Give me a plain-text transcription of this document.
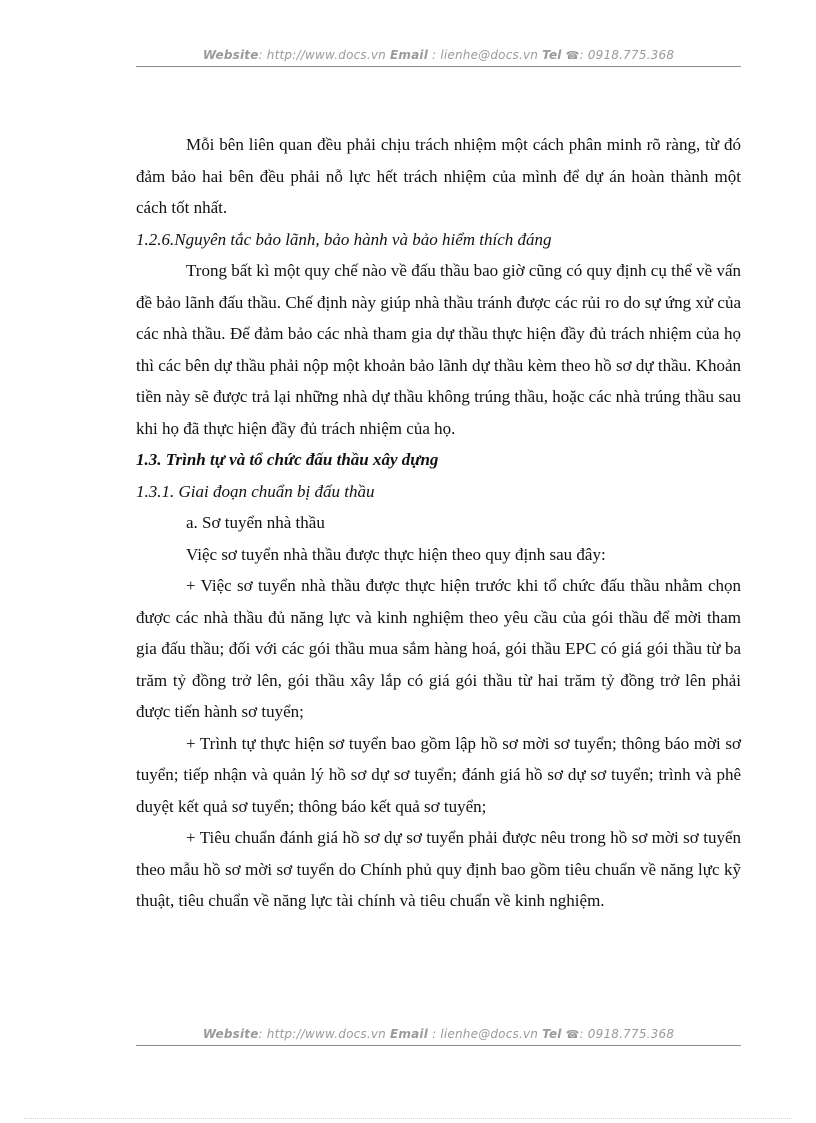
Website: http://www.docs.vn Email : lienhe@docs.vn Tel ☎: 0918.775.368

Mỗi bên liên quan đều phải chịu trách nhiệm một cách phân minh rõ ràng, từ đó đảm bảo hai bên đều phải nỗ lực hết trách nhiệm của mình để dự án hoàn thành một cách tốt nhất.

1.2.6.Nguyên tắc bảo lãnh, bảo hành và bảo hiểm thích đáng

Trong bất kì một quy chế nào về đấu thầu bao giờ cũng có quy định cụ thể về vấn đề bảo lãnh đấu thầu. Chế định này giúp nhà thầu tránh được các rủi ro do sự ứng xử của các nhà thầu. Để đảm bảo các nhà tham gia dự thầu thực hiện đầy đủ trách nhiệm của họ thì các bên dự thầu phải nộp một khoản bảo lãnh dự thầu kèm theo hồ sơ dự thầu. Khoản tiền này sẽ được trả lại những nhà dự thầu không trúng thầu, hoặc các nhà trúng thầu sau khi họ đã thực hiện đầy đủ trách nhiệm của họ.

1.3. Trình tự và tổ chức đấu thầu xây dựng

1.3.1. Giai đoạn chuẩn bị đấu thầu

a. Sơ tuyển nhà thầu

Việc sơ tuyển nhà thầu được thực hiện theo quy định sau đây:

+ Việc sơ tuyển nhà thầu được thực hiện trước khi tổ chức đấu thầu nhằm chọn được các nhà thầu đủ năng lực và kinh nghiệm theo yêu cầu của gói thầu để mời tham gia đấu thầu; đối với các gói thầu mua sắm hàng hoá, gói thầu EPC có giá gói thầu từ ba trăm tỷ đồng trở lên, gói thầu xây lắp có giá gói thầu từ hai trăm tỷ đồng trở lên phải được tiến hành sơ tuyển;

+ Trình tự thực hiện sơ tuyển bao gồm lập hồ sơ mời sơ tuyển; thông báo mời sơ tuyển; tiếp nhận và quản lý hồ sơ dự sơ tuyển; đánh giá hồ sơ dự sơ tuyển; trình và phê duyệt kết quả sơ tuyển; thông báo kết quả sơ tuyển;

+ Tiêu chuẩn đánh giá hồ sơ dự sơ tuyển phải được nêu trong hồ sơ mời sơ tuyển theo mẫu hồ sơ mời sơ tuyển do Chính phủ quy định bao gồm tiêu chuẩn về năng lực kỹ thuật, tiêu chuẩn về năng lực tài chính và tiêu chuẩn về kinh nghiệm.

Website: http://www.docs.vn Email : lienhe@docs.vn Tel ☎: 0918.775.368
